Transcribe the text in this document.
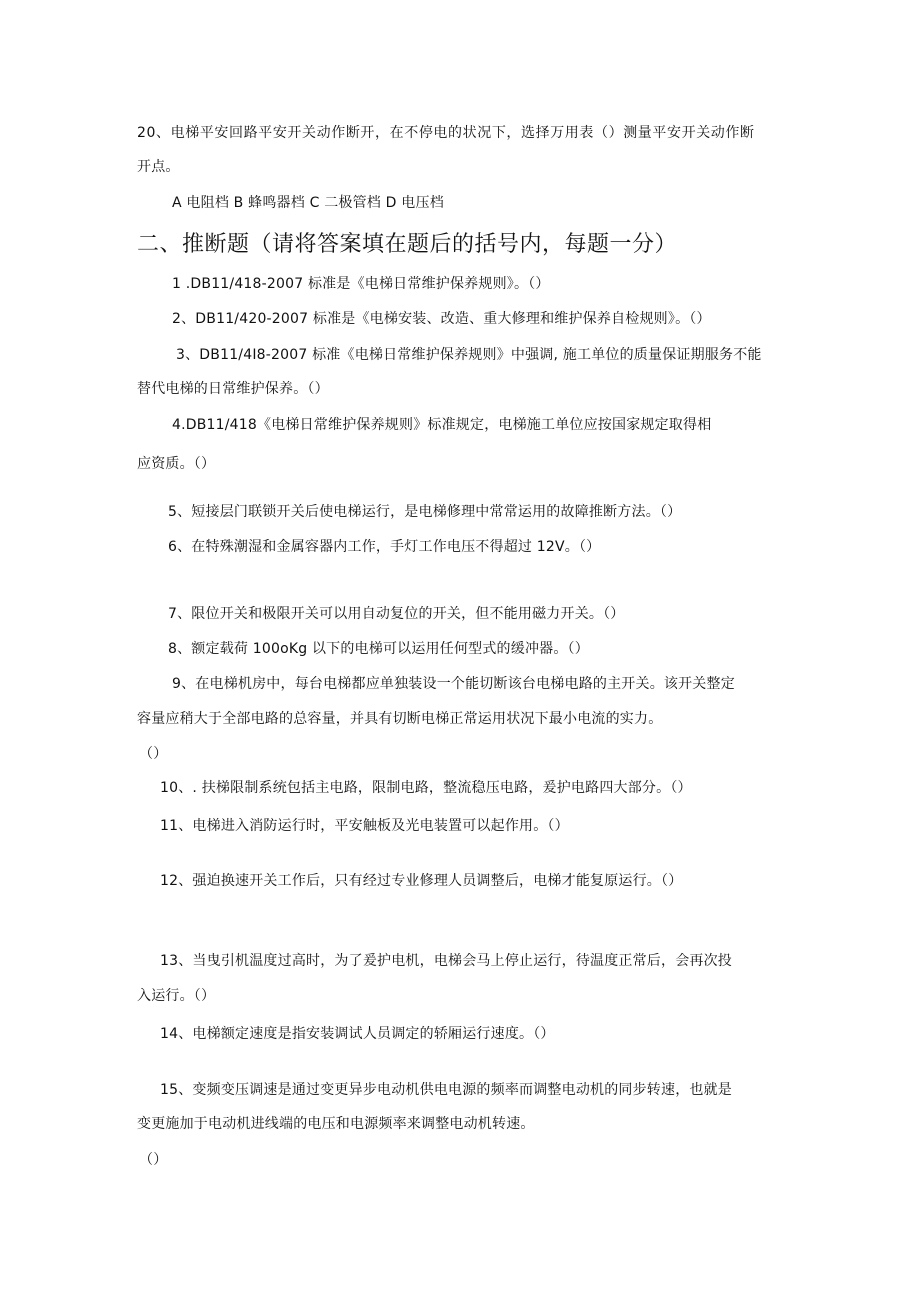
20、电梯平安回路平安开关动作断开，在不停电的状况下，选择万用表（）测量平安开关动作断
开点。
A 电阻档 B 蜂鸣器档 C 二极管档 D 电压档
二、推断题（请将答案填在题后的括号内，每题一分）
1 .DB11/418-2007 标准是《电梯日常维护保养规则》。（）
2、DB11/420-2007 标准是《电梯安装、改造、重大修理和维护保养自检规则》。（）
3、DB11/4I8-2007 标准《电梯日常维护保养规则》中强调, 施工单位的质量保证期服务不能
替代电梯的日常维护保养。（）
4.DB11/418《电梯日常维护保养规则》标准规定，电梯施工单位应按国家规定取得相
应资质。（）
5、短接层门联锁开关后使电梯运行，是电梯修理中常常运用的故障推断方法。（）
6、在特殊潮湿和金属容器内工作，手灯工作电压不得超过 12V。（）
7、限位开关和极限开关可以用自动复位的开关，但不能用磁力开关。（）
8、额定载荷 100oKg 以下的电梯可以运用任何型式的缓冲器。（）
9、在电梯机房中，每台电梯都应单独装设一个能切断该台电梯电路的主开关。该开关整定
容量应稍大于全部电路的总容量，并具有切断电梯正常运用状况下最小电流的实力。
（）
10、. 扶梯限制系统包括主电路，限制电路，整流稳压电路，爰护电路四大部分。（）
11、电梯进入消防运行时，平安触板及光电装置可以起作用。（）
12、强迫换速开关工作后，只有经过专业修理人员调整后，电梯才能复原运行。（）
13、当曳引机温度过高时，为了爰护电机，电梯会马上停止运行，待温度正常后，会再次投
入运行。（）
14、电梯额定速度是指安装调试人员调定的轿厢运行速度。（）
15、变频变压调速是通过变更异步电动机供电电源的频率而调整电动机的同步转速，也就是
变更施加于电动机进线端的电压和电源频率来调整电动机转速。
（）
